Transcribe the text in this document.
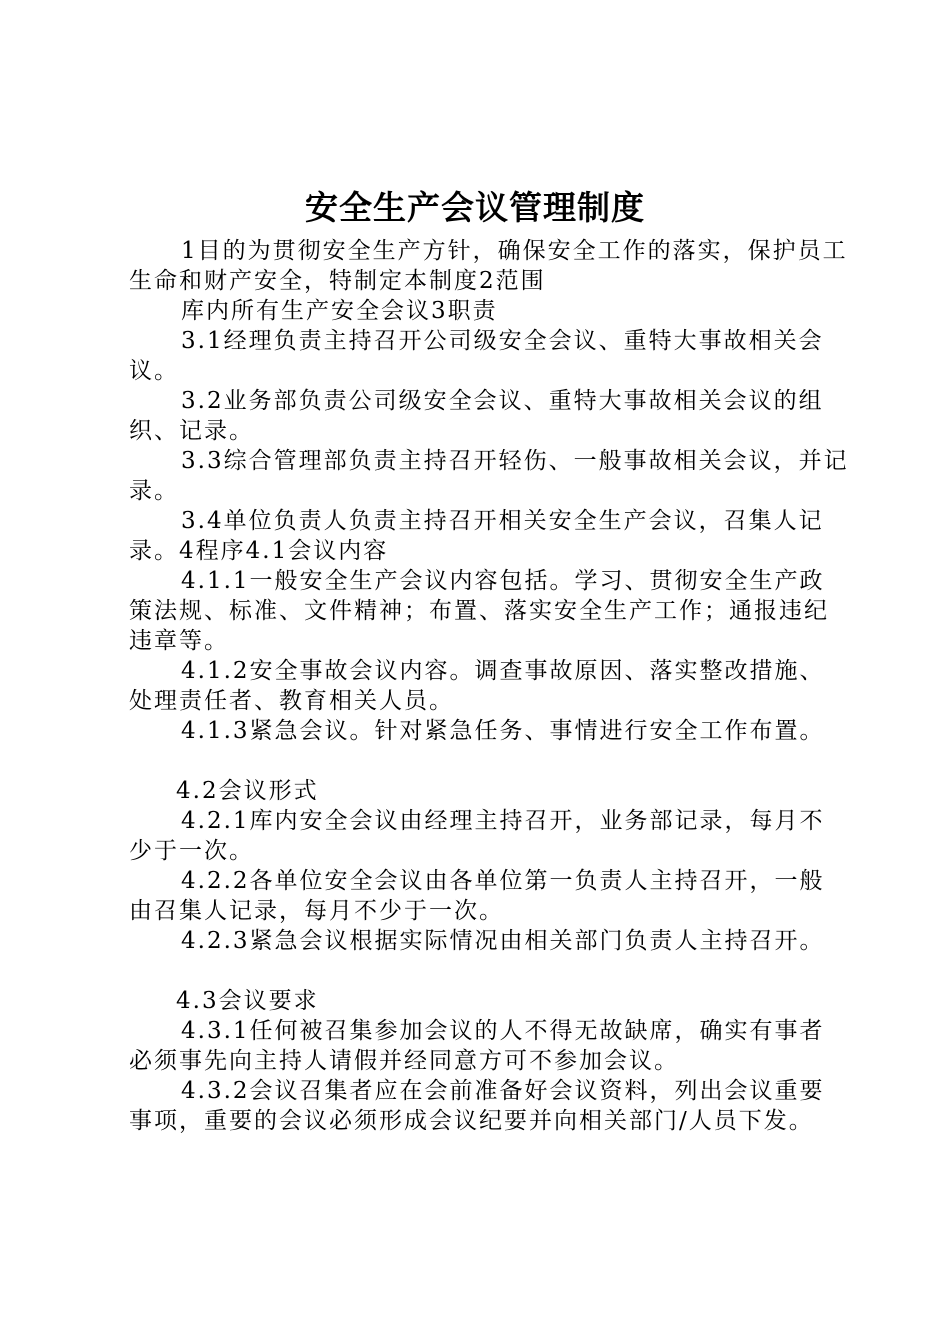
安全生产会议管理制度

1目的为贯彻安全生产方针，确保安全工作的落实，保护员工生命和财产安全，特制定本制度2范围

库内所有生产安全会议3职责

3.1经理负责主持召开公司级安全会议、重特大事故相关会议。

3.2业务部负责公司级安全会议、重特大事故相关会议的组织、记录。

3.3综合管理部负责主持召开轻伤、一般事故相关会议，并记录。

3.4单位负责人负责主持召开相关安全生产会议，召集人记录。4程序4.1会议内容

4.1.1一般安全生产会议内容包括。学习、贯彻安全生产政策法规、标准、文件精神；布置、落实安全生产工作；通报违纪违章等。

4.1.2安全事故会议内容。调查事故原因、落实整改措施、处理责任者、教育相关人员。

4.1.3紧急会议。针对紧急任务、事情进行安全工作布置。

4.2会议形式

4.2.1库内安全会议由经理主持召开，业务部记录，每月不少于一次。

4.2.2各单位安全会议由各单位第一负责人主持召开，一般由召集人记录，每月不少于一次。

4.2.3紧急会议根据实际情况由相关部门负责人主持召开。

4.3会议要求

4.3.1任何被召集参加会议的人不得无故缺席，确实有事者必须事先向主持人请假并经同意方可不参加会议。

4.3.2会议召集者应在会前准备好会议资料，列出会议重要事项，重要的会议必须形成会议纪要并向相关部门/人员下发。
